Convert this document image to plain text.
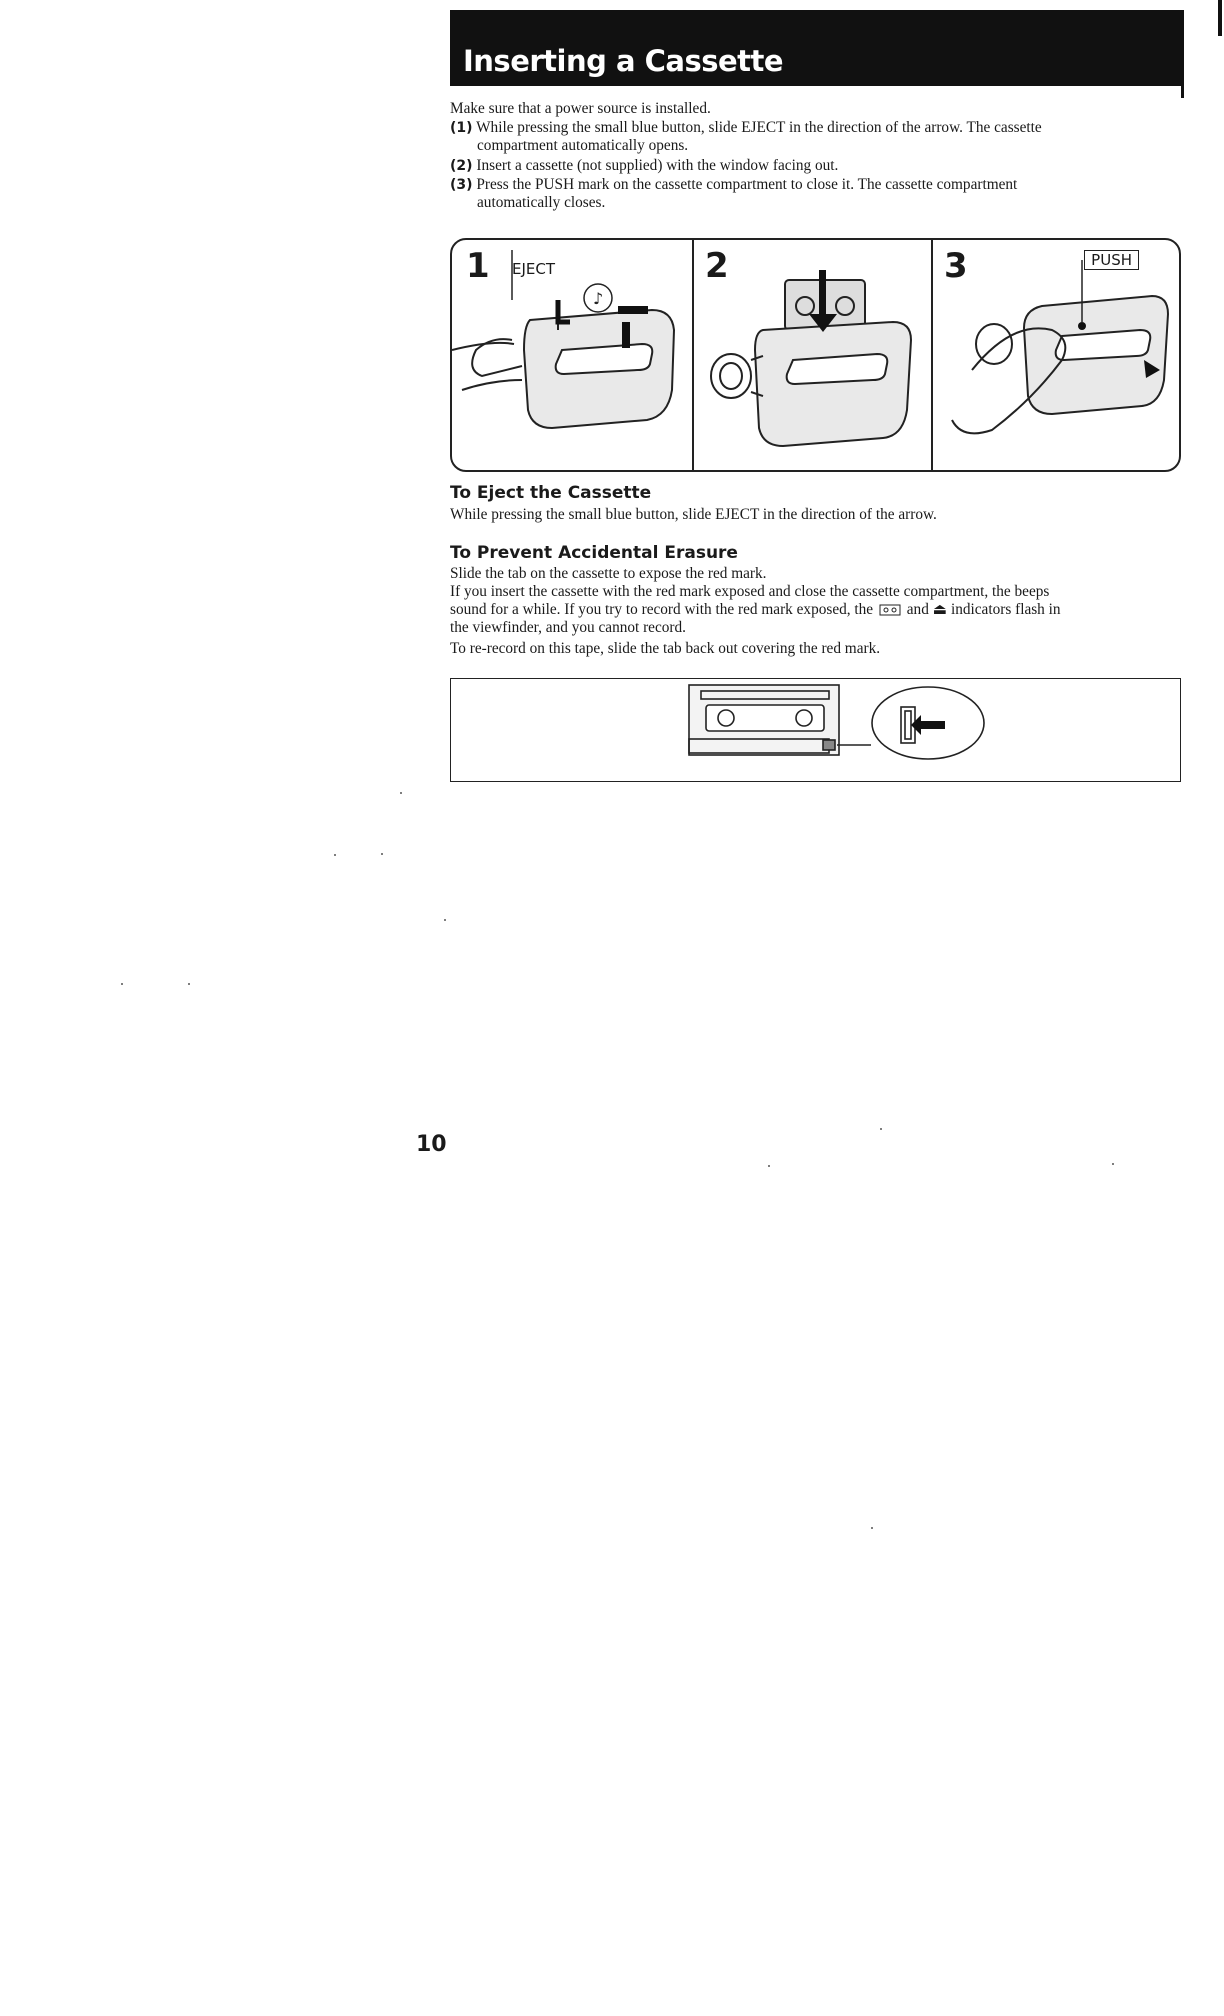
Inserting a Cassette
Make sure that a power source is installed.
(1) While pressing the small blue button, slide EJECT in the direction of the arrow. The cassette
compartment automatically opens.
(2) Insert a cassette (not supplied) with the window facing out.
(3) Press the PUSH mark on the cassette compartment to close it. The cassette compartment
automatically closes.
1 EJECT
♪
2	3	PUSH
To Eject the Cassette
While pressing the small blue button, slide EJECT in the direction of the arrow.
To Prevent Accidental Erasure
Slide the tab on the cassette to expose the red mark.
If you insert the cassette with the red mark exposed and close the cassette compartment, the beeps
sound for a while. If you try to record with the red mark exposed, the and ⏏ indicators flash in
the viewfinder, and you cannot record.
To re-record on this tape, slide the tab back out covering the red mark.
10
